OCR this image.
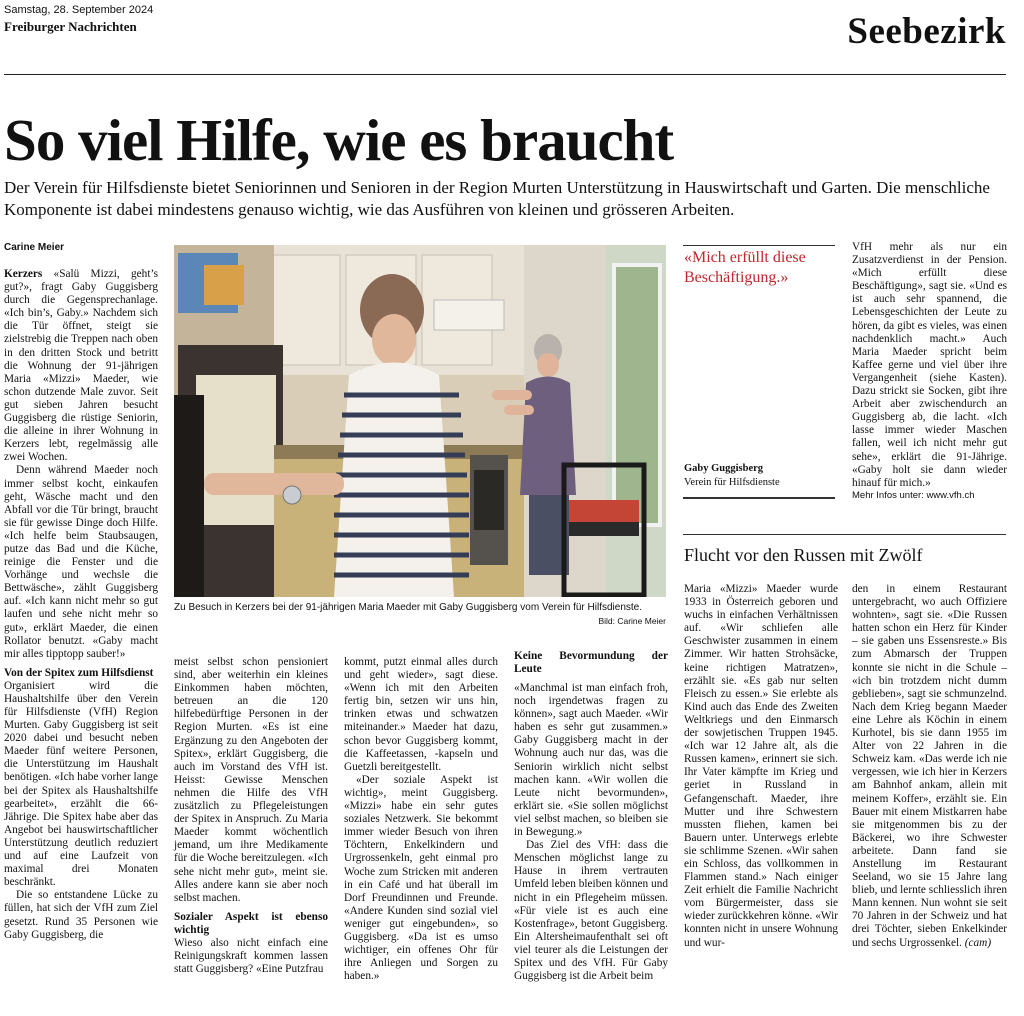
Samstag, 28. September 2024
Freiburger Nachrichten	Seebezirk
So viel Hilfe, wie es braucht
Der Verein für Hilfsdienste bietet Seniorinnen und Senioren in der Region Murten Unterstützung in Hauswirtschaft und Garten. Die menschliche Komponente ist dabei mindestens genauso wichtig, wie das Ausführen von kleinen und grösseren Arbeiten.
Carine Meier

Kerzers «Salü Mizzi, geht’s gut?», fragt Gaby Guggisberg durch die Gegensprechanlage. «Ich bin’s, Gaby.» Nachdem sich die Tür öffnet, steigt sie zielstrebig die Treppen nach oben in den dritten Stock und betritt die Wohnung der 91-jährigen Maria «Mizzi» Maeder, wie schon dutzende Male zuvor. Seit gut sieben Jahren besucht Guggisberg die rüstige Seniorin, die alleine in ihrer Wohnung in Kerzers lebt, regelmässig alle zwei Wochen.

Denn während Maeder noch immer selbst kocht, einkaufen geht, Wäsche macht und den Abfall vor die Tür bringt, braucht sie für gewisse Dinge doch Hilfe. «Ich helfe beim Staubsaugen, putze das Bad und die Küche, reinige die Fenster und die Vorhänge und wechsle die Bettwäsche», zählt Guggisberg auf. «Ich kann nicht mehr so gut laufen und sehe nicht mehr so gut», erklärt Maeder, die einen Rollator benutzt. «Gaby macht mir alles tipptopp sauber!»

Von der Spitex zum Hilfsdienst

Organisiert wird die Haushaltshilfe über den Verein für Hilfsdienste (VfH) Region Murten. Gaby Guggisberg ist seit 2020 dabei und besucht neben Maeder fünf weitere Personen, die Unterstützung im Haushalt benötigen. «Ich habe vorher lange bei der Spitex als Haushaltshilfe gearbeitet», erzählt die 66-Jährige. Die Spitex habe aber das Angebot bei hauswirtschaftlicher Unterstützung deutlich reduziert und auf eine Laufzeit von maximal drei Monaten beschränkt.

Die so entstandene Lücke zu füllen, hat sich der VfH zum Ziel gesetzt. Rund 35 Personen wie Gaby Guggisberg, die

Zu Besuch in Kerzers bei der 91-jährigen Maria Maeder mit Gaby Guggisberg vom Verein für Hilfsdienste.
Bild: Carine Meier

meist selbst schon pensioniert sind, aber weiterhin ein kleines Einkommen haben möchten, betreuen an die 120 hilfebedürftige Personen in der Region Murten. «Es ist eine Ergänzung zu den Angeboten der Spitex», erklärt Guggisberg, die auch im Vorstand des VfH ist. Heisst: Gewisse Menschen nehmen die Hilfe des VfH zusätzlich zu Pflegeleistungen der Spitex in Anspruch. Zu Maria Maeder kommt wöchentlich jemand, um ihre Medikamente für die Woche bereitzulegen. «Ich sehe nicht mehr gut», meint sie. Alles andere kann sie aber noch selbst machen.

Sozialer Aspekt ist ebenso wichtig

Wieso also nicht einfach eine Reinigungskraft kommen lassen statt Guggisberg? «Eine Putzfrau

kommt, putzt einmal alles durch und geht wieder», sagt diese. «Wenn ich mit den Arbeiten fertig bin, setzen wir uns hin, trinken etwas und schwatzen miteinander.» Maeder hat dazu, schon bevor Guggisberg kommt, die Kaffeetassen, -kapseln und Guetzli bereitgestellt.

«Der soziale Aspekt ist wichtig», meint Guggisberg. «Mizzi» habe ein sehr gutes soziales Netzwerk. Sie bekommt immer wieder Besuch von ihren Töchtern, Enkelkindern und Urgrossenkeln, geht einmal pro Woche zum Stricken mit anderen in ein Café und hat überall im Dorf Freundinnen und Freunde. «Andere Kunden sind sozial viel weniger gut eingebunden», so Guggisberg. «Da ist es umso wichtiger, ein offenes Ohr für ihre Anliegen und Sorgen zu haben.»

Keine Bevormundung der Leute

«Manchmal ist man einfach froh, noch irgendetwas fragen zu können», sagt auch Maeder. «Wir haben es sehr gut zusammen.» Gaby Guggisberg macht in der Wohnung auch nur das, was die Seniorin wirklich nicht selbst machen kann. «Wir wollen die Leute nicht bevormunden», erklärt sie. «Sie sollen möglichst viel selbst machen, so bleiben sie in Bewegung.»

Das Ziel des VfH: dass die Menschen möglichst lange zu Hause in ihrem vertrauten Umfeld leben bleiben können und nicht in ein Pflegeheim müssen. «Für viele ist es auch eine Kostenfrage», betont Guggisberg. Ein Altersheimaufenthalt sei oft viel teurer als die Leistungen der Spitex und des VfH. Für Gaby Guggisberg ist die Arbeit beim

«Mich erfüllt diese Beschäftigung.»
Gaby Guggisberg
Verein für Hilfsdienste

VfH mehr als nur ein Zusatzverdienst in der Pension. «Mich erfüllt diese Beschäftigung», sagt sie. «Und es ist auch sehr spannend, die Lebensgeschichten der Leute zu hören, da gibt es vieles, was einen nachdenklich macht.» Auch Maria Maeder spricht beim Kaffee gerne und viel über ihre Vergangenheit (siehe Kasten). Dazu strickt sie Socken, gibt ihre Arbeit aber zwischendurch an Guggisberg ab, die lacht. «Ich lasse immer wieder Maschen fallen, weil ich nicht mehr gut sehe», erklärt die 91-Jährige. «Gaby holt sie dann wieder hinauf für mich.»

Mehr Infos unter: www.vfh.ch
Flucht vor den Russen mit Zwölf

Maria «Mizzi» Maeder wurde 1933 in Österreich geboren und wuchs in einfachen Verhältnissen auf. «Wir schliefen alle Geschwister zusammen in einem Zimmer. Wir hatten Strohsäcke, keine richtigen Matratzen», erzählt sie. «Es gab nur selten Fleisch zu essen.» Sie erlebte als Kind auch das Ende des Zweiten Weltkriegs und den Einmarsch der sowjetischen Truppen 1945. «Ich war 12 Jahre alt, als die Russen kamen», erinnert sie sich. Ihr Vater kämpfte im Krieg und geriet in Russland in Gefangenschaft. Maeder, ihre Mutter und ihre Schwestern mussten fliehen, kamen bei Bauern unter. Unterwegs erlebte sie schlimme Szenen. «Wir sahen ein Schloss, das vollkommen in Flammen stand.» Nach einiger Zeit erhielt die Familie Nachricht vom Bürgermeister, dass sie wieder zurückkehren könne. «Wir konnten nicht in unsere Wohnung und wur-

den in einem Restaurant untergebracht, wo auch Offiziere wohnten», sagt sie. «Die Russen hatten schon ein Herz für Kinder – sie gaben uns Essensreste.» Bis zum Abmarsch der Truppen konnte sie nicht in die Schule – «ich bin trotzdem nicht dumm geblieben», sagt sie schmunzelnd. Nach dem Krieg begann Maeder eine Lehre als Köchin in einem Kurhotel, bis sie dann 1955 im Alter von 22 Jahren in die Schweiz kam. «Das werde ich nie vergessen, wie ich hier in Kerzers am Bahnhof ankam, allein mit meinem Koffer», erzählt sie. Ein Bauer mit einem Mistkarren habe sie mitgenommen bis zu der Bäckerei, wo ihre Schwester arbeitete. Dann fand sie Anstellung im Restaurant Seeland, wo sie 15 Jahre lang blieb, und lernte schliesslich ihren Mann kennen. Nun wohnt sie seit 70 Jahren in der Schweiz und hat drei Töchter, sieben Enkelkinder und sechs Urgrossenkel. (cam)
